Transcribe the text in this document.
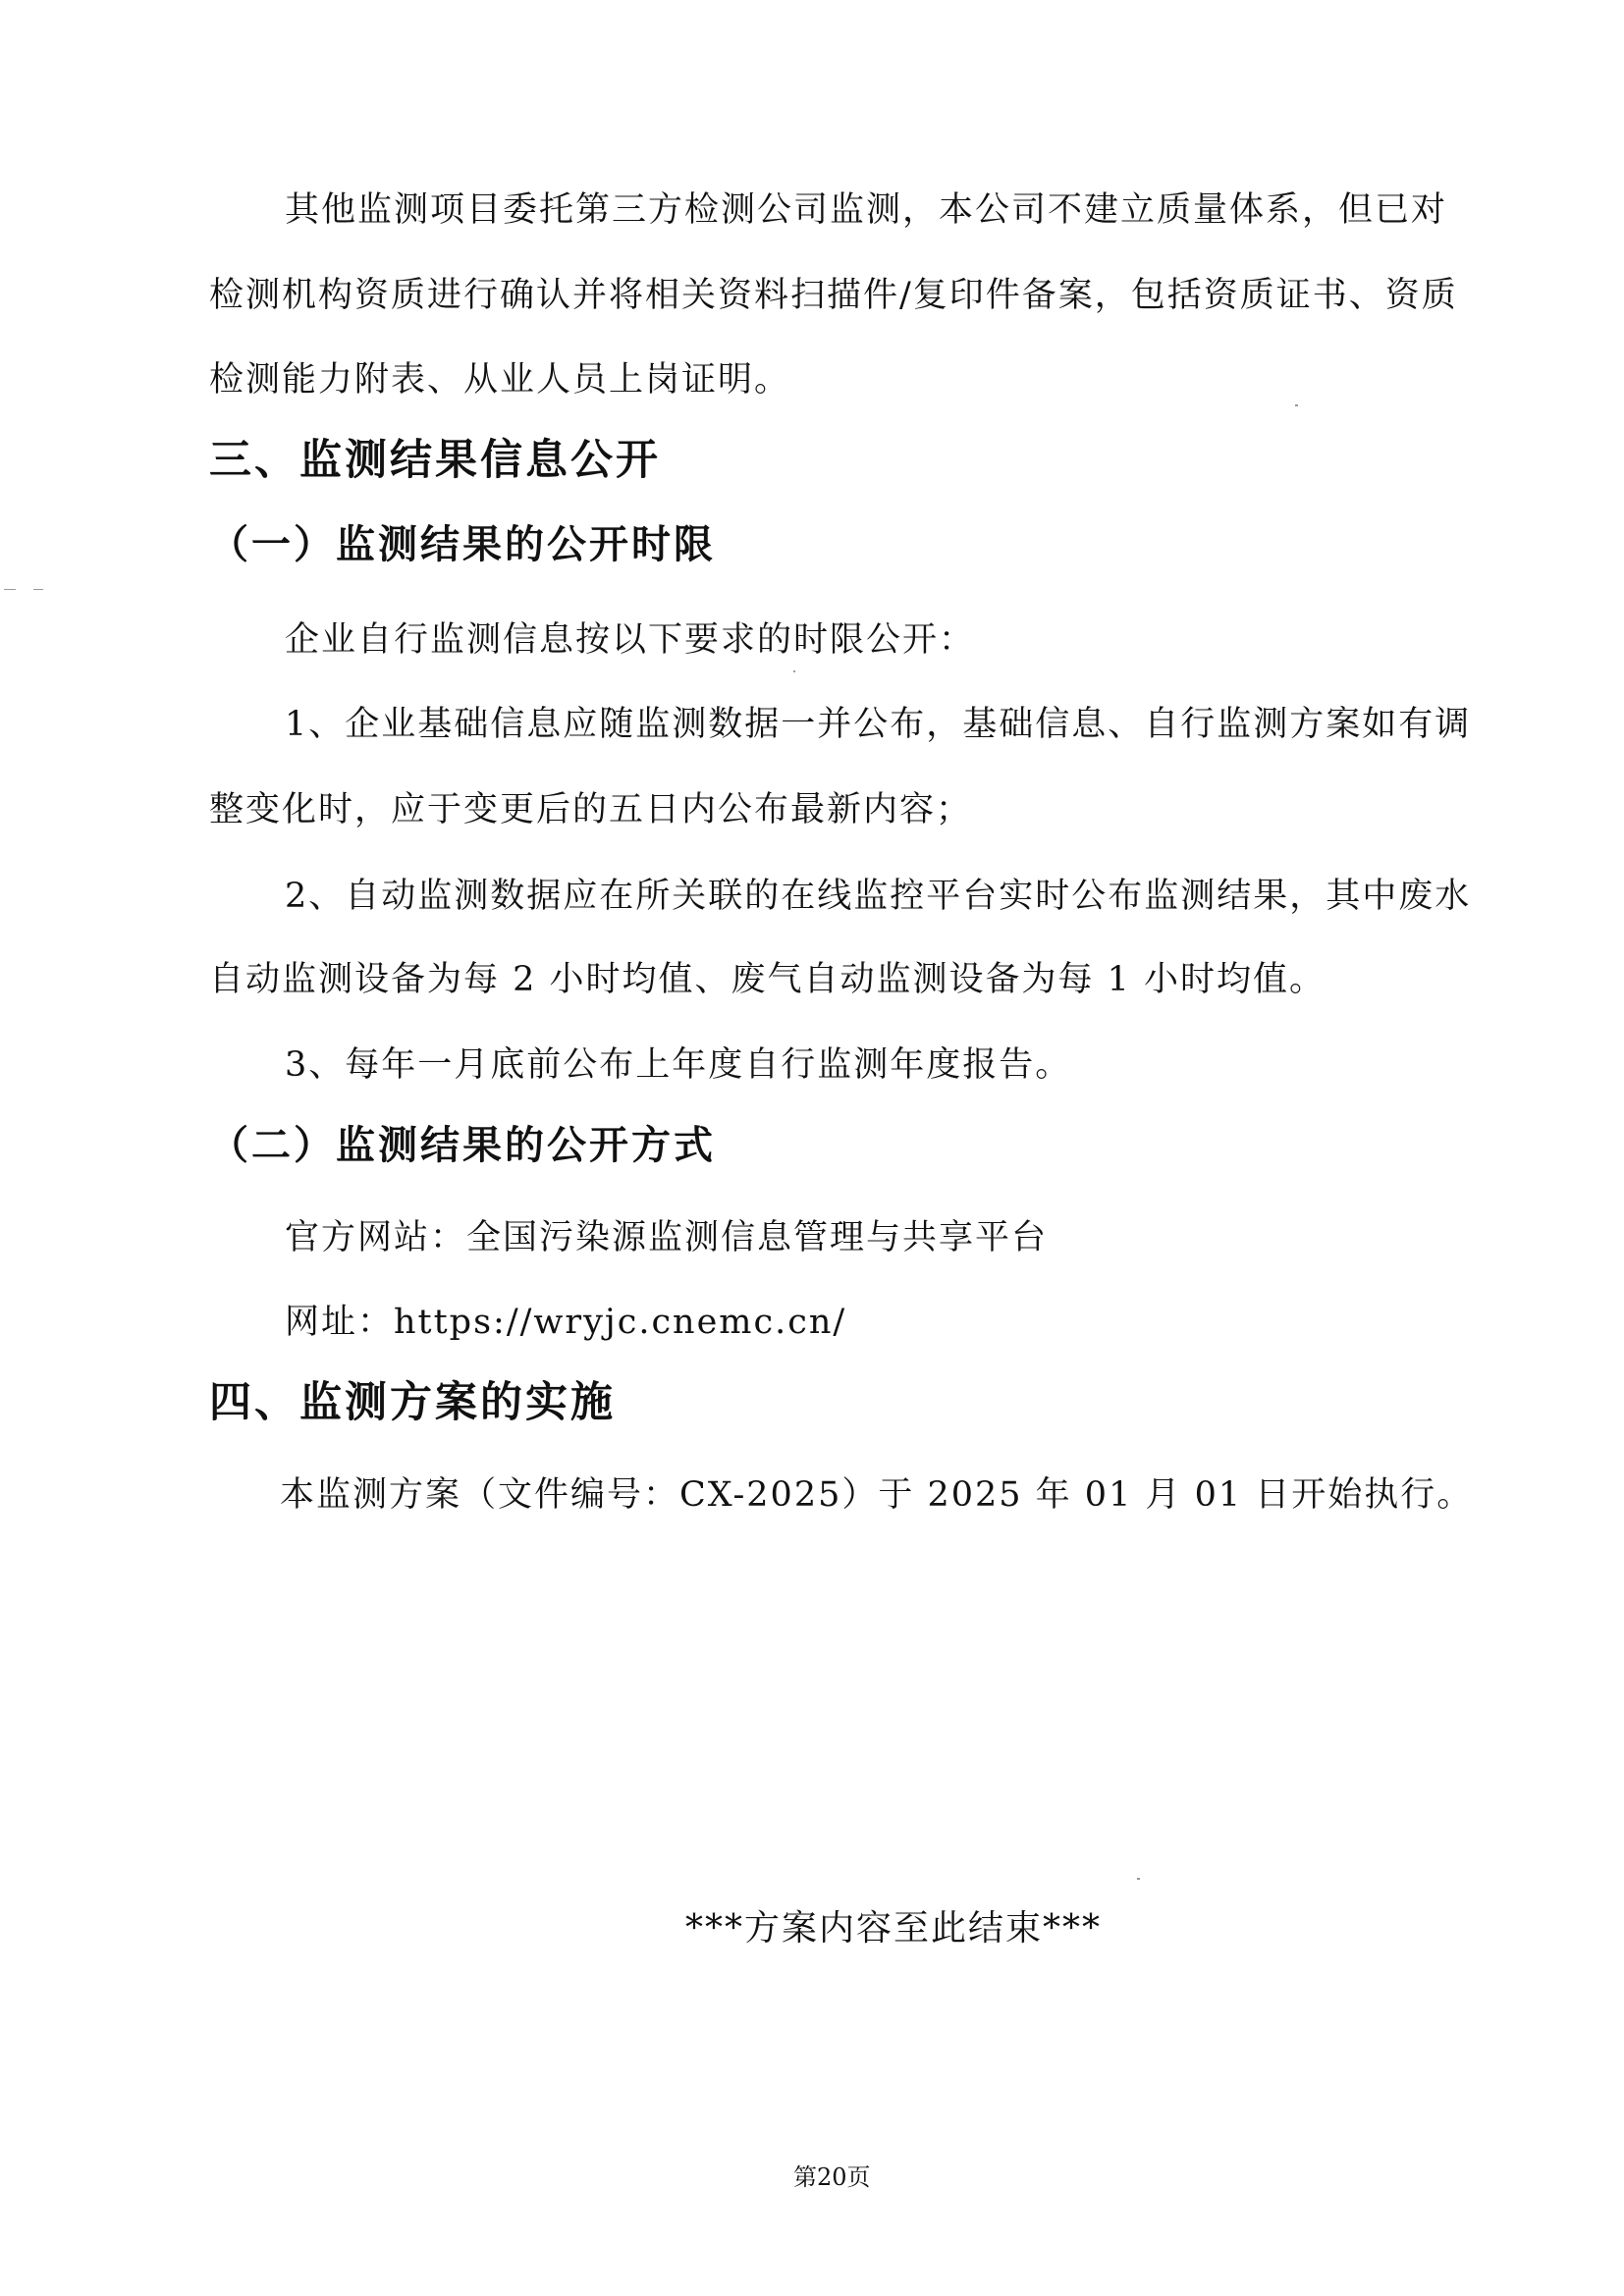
其他监测项目委托第三方检测公司监测，本公司不建立质量体系，但已对
检测机构资质进行确认并将相关资料扫描件/复印件备案，包括资质证书、资质
检测能力附表、从业人员上岗证明。
三、监测结果信息公开
（一）监测结果的公开时限
企业自行监测信息按以下要求的时限公开：
1、企业基础信息应随监测数据一并公布，基础信息、自行监测方案如有调
整变化时，应于变更后的五日内公布最新内容；
2、自动监测数据应在所关联的在线监控平台实时公布监测结果，其中废水
自动监测设备为每 2 小时均值、废气自动监测设备为每 1 小时均值。
3、每年一月底前公布上年度自行监测年度报告。
（二）监测结果的公开方式
官方网站：全国污染源监测信息管理与共享平台
网址：https://wryjc.cnemc.cn/
四、监测方案的实施
本监测方案（文件编号：CX-2025）于 2025 年 01 月 01 日开始执行。
***方案内容至此结束***
第20页
